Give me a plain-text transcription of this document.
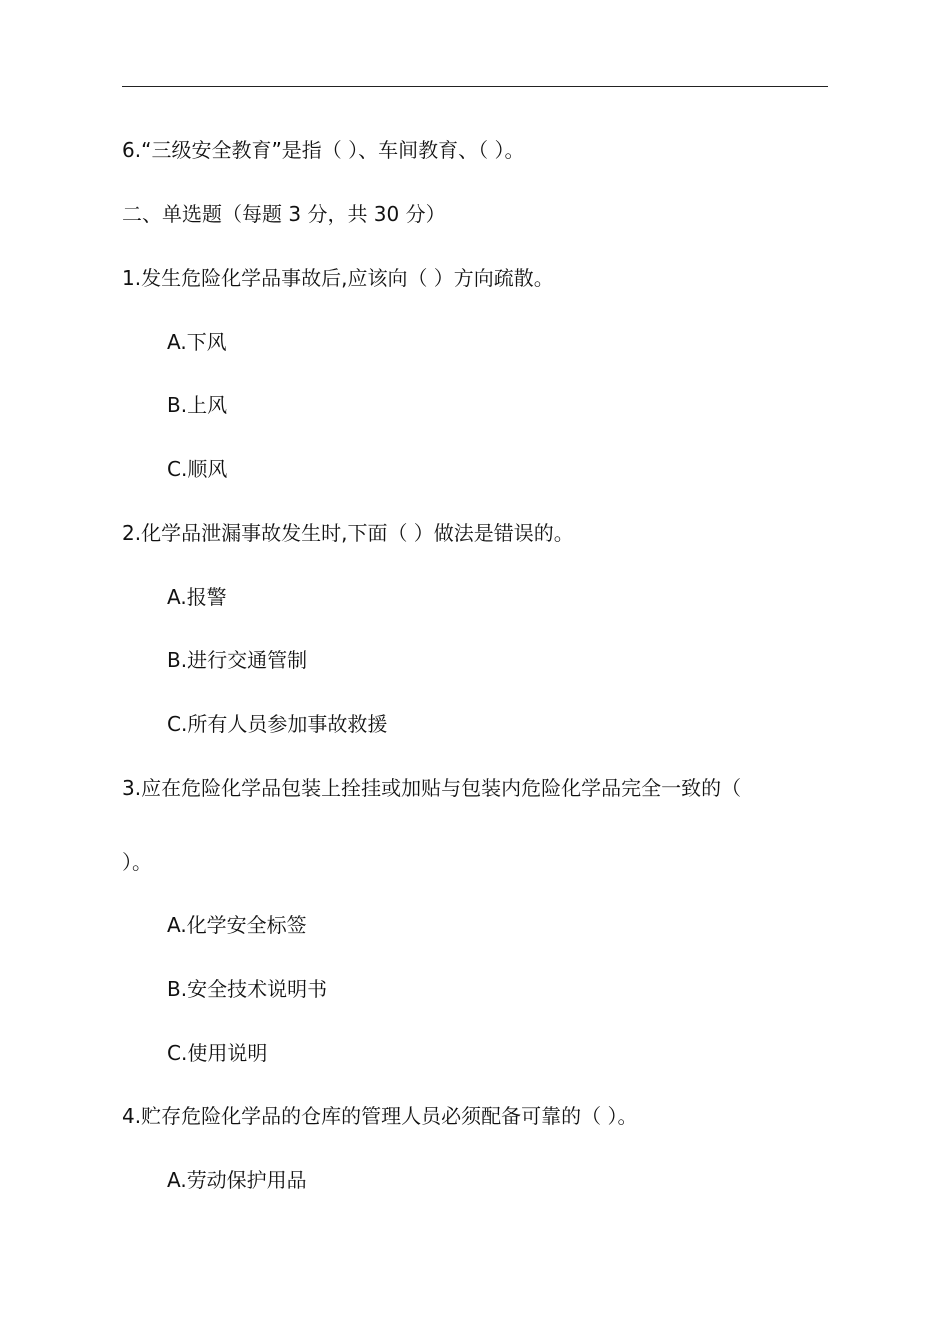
6.“三级安全教育”是指（ ）、车间教育、（ ）。
二、单选题（每题 3 分，共 30 分）
1.发生危险化学品事故后,应该向（ ）方向疏散。
A.下风
B.上风
C.顺风
2.化学品泄漏事故发生时,下面（ ）做法是错误的。
A.报警
B.进行交通管制
C.所有人员参加事故救援
3.应在危险化学品包装上拴挂或加贴与包装内危险化学品完全一致的（
）。
A.化学安全标签
B.安全技术说明书
C.使用说明
4.贮存危险化学品的仓库的管理人员必须配备可靠的（ ）。
A.劳动保护用品
